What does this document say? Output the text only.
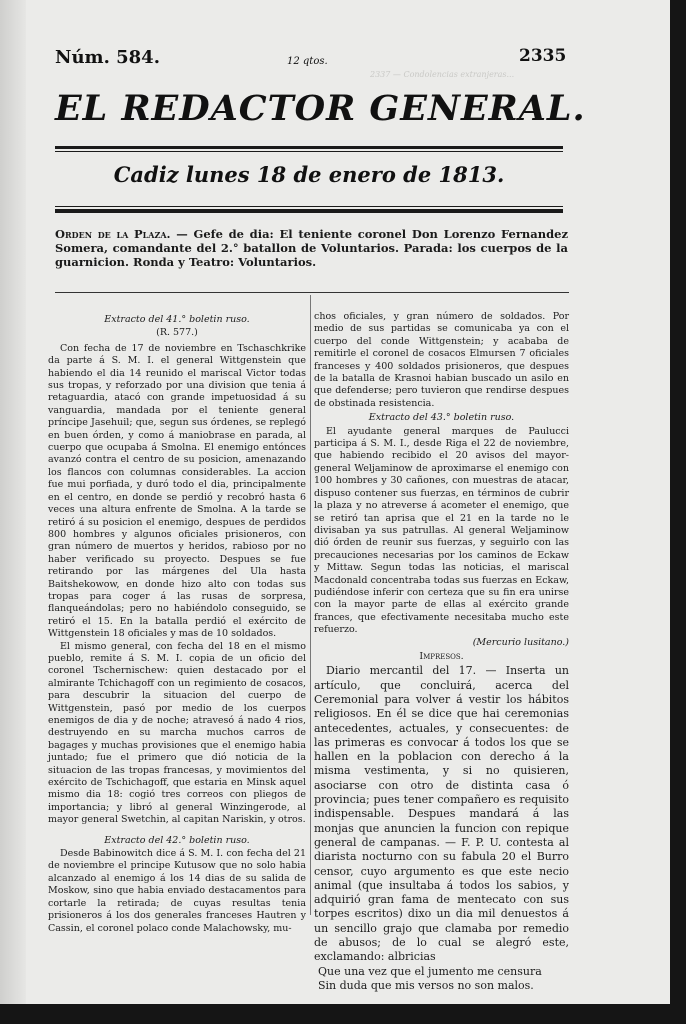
Núm. 584.	12 qtos.	2335
2337 — Condolencias extranjeras...
EL REDACTOR GENERAL.
Cadiz lunes 18 de enero de 1813.
Orden de la Plaza. — Gefe de dia: El teniente coronel Don Lorenzo Fernandez Somera, comandante del 2.° batallon de Voluntarios. Parada: los cuerpos de la guarnicion. Ronda y Teatro: Voluntarios.

Extracto del 41.° boletin ruso.

(R. 577.)

Con fecha de 17 de noviembre en Tschaschkrike da parte á S. M. I. el general Wittgenstein que habiendo el dia 14 reunido el mariscal Victor todas sus tropas, y reforzado por una division que tenia á retaguardia, atacó con grande impetuosidad á su vanguardia, mandada por el teniente general príncipe Jasehuil; que, segun sus órdenes, se replegó en buen órden, y como á maniobrase en parada, al cuerpo que ocupaba á Smolna. El enemigo entónces avanzó contra el centro de su posicion, amenazando los flancos con columnas considerables. La accion fue mui porfiada, y duró todo el dia, principalmente en el centro, en donde se perdió y recobró hasta 6 veces una altura enfrente de Smolna. A la tarde se retiró á su posicion el enemigo, despues de perdidos 800 hombres y algunos oficiales prisioneros, con gran número de muertos y heridos, rabioso por no haber verificado su proyecto. Despues se fue retirando por las márgenes del Ula hasta Baitshekowow, en donde hizo alto con todas sus tropas para coger á las rusas de sorpresa, flanqueándolas; pero no habiéndolo conseguido, se retiró el 15. En la batalla perdió el exército de Wittgenstein 18 oficiales y mas de 10 soldados.

El mismo general, con fecha del 18 en el mismo pueblo, remite á S. M. I. copia de un oficio del coronel Tschernischew: quien destacado por el almirante Tchichagoff con un regimiento de cosacos, para descubrir la situacion del cuerpo de Wittgenstein, pasó por medio de los cuerpos enemigos de dia y de noche; atravesó á nado 4 rios, destruyendo en su marcha muchos carros de bagages y muchas provisiones que el enemigo habia juntado; fue el primero que dió noticia de la situacion de las tropas francesas, y movimientos del exército de Tschichagoff, que estaria en Minsk aquel mismo dia 18: cogió tres correos con pliegos de importancia; y libró al general Winzingerode, al mayor general Swetchin, al capitan Nariskin, y otros.

Extracto del 42.° boletin ruso.

Desde Babinowitch dice á S. M. I. con fecha del 21 de noviembre el principe Kutusow que no solo habia alcanzado al enemigo á los 14 dias de su salida de Moskow, sino que habia enviado destacamentos para cortarle la retirada; de cuyas resultas tenia prisioneros á los dos generales franceses Hautren y Cassin, el coronel polaco conde Malachowsky, mu-

chos oficiales, y gran número de soldados. Por medio de sus partidas se comunicaba ya con el cuerpo del conde Wittgenstein; y acababa de remitirle el coronel de cosacos Elmursen 7 oficiales franceses y 400 soldados prisioneros, que despues de la batalla de Krasnoi habian buscado un asilo en que defenderse; pero tuvieron que rendirse despues de obstinada resistencia.

Extracto del 43.° boletin ruso.

El ayudante general marques de Paulucci participa á S. M. I., desde Riga el 22 de noviembre, que habiendo recibido el 20 avisos del mayor-general Weljaminow de aproximarse el enemigo con 100 hombres y 30 cañones, con muestras de atacar, dispuso contener sus fuerzas, en términos de cubrir la plaza y no atreverse á acometer el enemigo, que se retiró tan aprisa que el 21 en la tarde no le divisaban ya sus patrullas. Al general Weljaminow dió órden de reunir sus fuerzas, y seguirlo con las precauciones necesarias por los caminos de Eckaw y Mittaw. Segun todas las noticias, el mariscal Macdonald concentraba todas sus fuerzas en Eckaw, pudiéndose inferir con certeza que su fin era unirse con la mayor parte de ellas al exército grande frances, que efectivamente necesitaba mucho este refuerzo.

(Mercurio lusitano.)

Impresos.

Diario mercantil del 17. — Inserta un artículo, que concluirá, acerca del Ceremonial para volver á vestir los hábitos religiosos. En él se dice que hai ceremonias antecedentes, actuales, y consecuentes: de las primeras es convocar á todos los que se hallen en la poblacion con derecho á la misma vestimenta, y si no quisieren, asociarse con otro de distinta casa ó provincia; pues tener compañero es requisito indispensable. Despues mandará á las monjas que anuncien la funcion con repique general de campanas. — F. P. U. contesta al diarista nocturno con su fabula 20 el Burro censor, cuyo argumento es que este necio animal (que insultaba á todos los sabios, y adquirió gran fama de mentecato con sus torpes escritos) dixo un dia mil denuestos á un sencillo grajo que clamaba por remedio de abusos; de lo cual se alegró este, exclamando: albricias

Que una vez que el jumento me censura

Sin duda que mis versos no son malos.
